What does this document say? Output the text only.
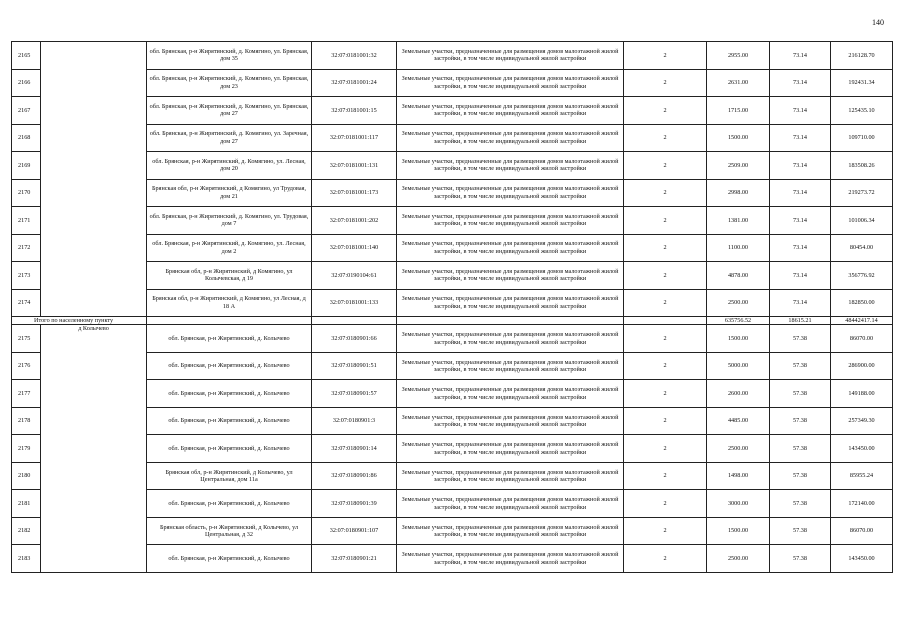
140
2165		обл. Брянская, р-н Жирятинский, д. Комягино, ул. Брянская, дом 35	32:07:0181001:32	Земельные участки, предназначенные для размещения домов малоэтажной жилой застройки, в том числе индивидуальной жилой застройки	2	2955.00	73.14	216128.70
2166		обл. Брянская, р-н Жирятинский, д. Комягино, ул. Брянская, дом 23	32:07:0181001:24	Земельные участки, предназначенные для размещения домов малоэтажной жилой застройки, в том числе индивидуальной жилой застройки	2	2631.00	73.14	192431.34
2167		обл. Брянская, р-н Жирятинский, д. Комягино, ул. Брянская, дом 27	32:07:0181001:15	Земельные участки, предназначенные для размещения домов малоэтажной жилой застройки, в том числе индивидуальной жилой застройки	2	1715.00	73.14	125435.10
2168		обл. Брянская, р-н Жирятинский, д. Комягино, ул. Заречная, дом 27	32:07:0181001:117	Земельные участки, предназначенные для размещения домов малоэтажной жилой застройки, в том числе индивидуальной жилой застройки	2	1500.00	73.14	109710.00
2169		обл. Брянская, р-н Жирятинский, д. Комягино, ул. Лесная, дом 20	32:07:0181001:131	Земельные участки, предназначенные для размещения домов малоэтажной жилой застройки, в том числе индивидуальной жилой застройки	2	2509.00	73.14	183508.26
2170		Брянская обл, р-н Жирятинский, д Комягино, ул Трудовая, дом 21	32:07:0181001:173	Земельные участки, предназначенные для размещения домов малоэтажной жилой застройки, в том числе индивидуальной жилой застройки	2	2998.00	73.14	219273.72
2171		обл. Брянская, р-н Жирятинский, д. Комягино, ул. Трудовая, дом 7	32:07:0181001:202	Земельные участки, предназначенные для размещения домов малоэтажной жилой застройки, в том числе индивидуальной жилой застройки	2	1381.00	73.14	101006.34
2172		обл. Брянская, р-н Жирятинский, д. Комягино, ул. Лесная, дом 2	32:07:0181001:140	Земельные участки, предназначенные для размещения домов малоэтажной жилой застройки, в том числе индивидуальной жилой застройки	2	1100.00	73.14	80454.00
2173		Брянская обл, р-н Жирятинский, д Комягино, ул Колычевская, д 19	32:07:0190104:61	Земельные участки, предназначенные для размещения домов малоэтажной жилой застройки, в том числе индивидуальной жилой застройки	2	4878.00	73.14	356776.92
2174		Брянская обл, р-н Жирятинский, д Комягино, ул Лесная, д 18 А	32:07:0181001:133	Земельные участки, предназначенные для размещения домов малоэтажной жилой застройки, в том числе индивидуальной жилой застройки	2	2500.00	73.14	182850.00
Итого по населенному пункту						635756.52	18615.21	48442417.14
2175	д Колычево	обл. Брянская, р-н Жирятинский, д. Колычево	32:07:0180901:66	Земельные участки, предназначенные для размещения домов малоэтажной жилой застройки, в том числе индивидуальной жилой застройки	2	1500.00	57.38	86070.00
2176		обл. Брянская, р-н Жирятинский, д. Колычево	32:07:0180901:51	Земельные участки, предназначенные для размещения домов малоэтажной жилой застройки, в том числе индивидуальной жилой застройки	2	5000.00	57.38	286900.00
2177		обл. Брянская, р-н Жирятинский, д. Колычево	32:07:0180901:57	Земельные участки, предназначенные для размещения домов малоэтажной жилой застройки, в том числе индивидуальной жилой застройки	2	2600.00	57.38	149188.00
2178		обл. Брянская, р-н Жирятинский, д. Колычево	32:07:0180901:3	Земельные участки, предназначенные для размещения домов малоэтажной жилой застройки, в том числе индивидуальной жилой застройки	2	4485.00	57.38	257349.30
2179		обл. Брянская, р-н Жирятинский, д. Колычево	32:07:0180901:14	Земельные участки, предназначенные для размещения домов малоэтажной жилой застройки, в том числе индивидуальной жилой застройки	2	2500.00	57.38	143450.00
2180		Брянская обл, р-н Жирятинский, д Колычево, ул Центральная, дом 11а	32:07:0180901:86	Земельные участки, предназначенные для размещения домов малоэтажной жилой застройки, в том числе индивидуальной жилой застройки	2	1498.00	57.38	85955.24
2181		обл. Брянская, р-н Жирятинский, д. Колычево	32:07:0180901:39	Земельные участки, предназначенные для размещения домов малоэтажной жилой застройки, в том числе индивидуальной жилой застройки	2	3000.00	57.38	172140.00
2182		Брянская область, р-н Жирятинский, д Колычево, ул Центральная, д 32	32:07:0180901:107	Земельные участки, предназначенные для размещения домов малоэтажной жилой застройки, в том числе индивидуальной жилой застройки	2	1500.00	57.38	86070.00
2183		обл. Брянская, р-н Жирятинский, д. Колычево	32:07:0180901:21	Земельные участки, предназначенные для размещения домов малоэтажной жилой застройки, в том числе индивидуальной жилой застройки	2	2500.00	57.38	143450.00
